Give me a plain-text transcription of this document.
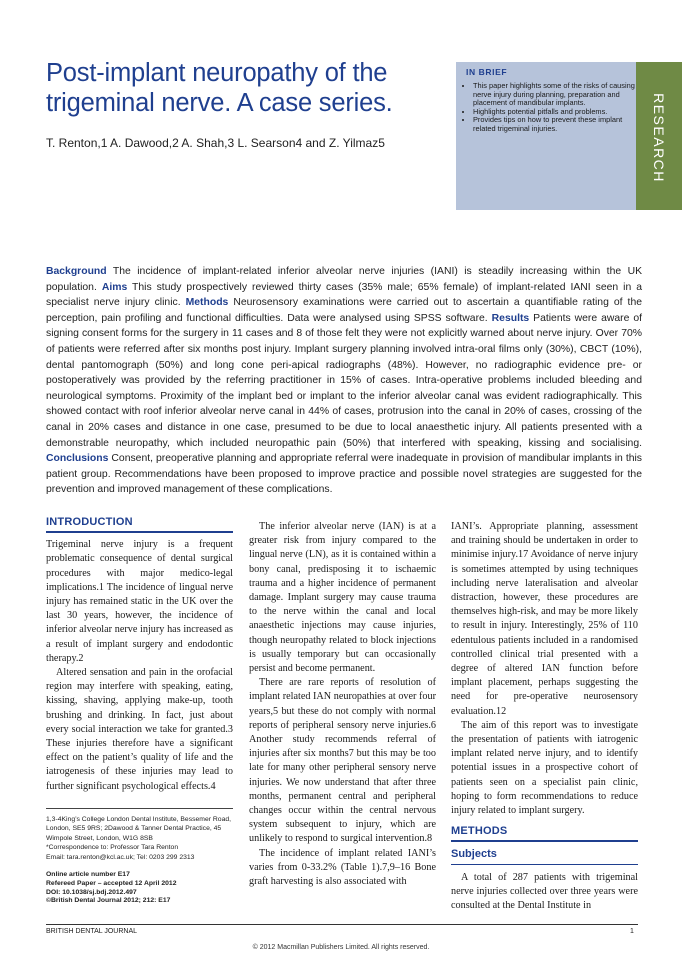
Post-implant neuropathy of the trigeminal nerve. A case series.
T. Renton,1 A. Dawood,2 A. Shah,3 L. Searson4 and Z. Yilmaz5
IN BRIEF
• This paper highlights some of the risks of causing nerve injury during planning, preparation and placement of mandibular implants.
• Highlights potential pitfalls and problems.
• Provides tips on how to prevent these implant related trigeminal injuries.	RESEARCH

Background The incidence of implant-related inferior alveolar nerve injuries (IANI) is steadily increasing within the UK population. Aims This study prospectively reviewed thirty cases (35% male; 65% female) of implant-related IANI seen in a specialist nerve injury clinic. Methods Neurosensory examinations were carried out to ascertain a quantifiable rating of the perception, pain profiling and functional difficulties. Data were analysed using SPSS software. Results Patients were aware of signing consent forms for the surgery in 11 cases and 8 of those felt they were not explicitly warned about nerve injury. Over 70% of patients were referred after six months post injury. Implant surgery planning involved intra-oral films only (30%), CBCT (10%), dental pantomograph (50%) and long cone peri-apical radiographs (48%). However, no radiographic evidence pre- or postoperatively was provided by the referring practitioner in 15% of cases. Intra-operative problems included bleeding and neurological symptoms. Proximity of the implant bed or implant to the inferior alveolar canal was evident radiographically. This showed contact with roof inferior alveolar nerve canal in 44% of cases, protrusion into the canal in 20% of cases, crossing of the canal in 20% cases and distance in one case, presumed to be due to local anaesthetic injury. All patients presented with a demonstrable neuropathy, which included neuropathic pain (50%) that interfered with speaking, kissing and socialising. Conclusions Consent, preoperative planning and appropriate referral were inadequate in provision of mandibular implants in this patient group. Recommendations have been proposed to improve practice and possible novel strategies are suggested for the prevention and improved management of these complications.

INTRODUCTION

Trigeminal nerve injury is a frequent problematic consequence of dental surgical procedures with major medico-legal implications.1 The incidence of lingual nerve injury has remained static in the UK over the last 30 years, however, the incidence of inferior alveolar nerve injury has increased as a result of implant surgery and endodontic therapy.2

Altered sensation and pain in the orofacial region may interfere with speaking, eating, kissing, shaving, applying make-up, tooth brushing and drinking. In fact, just about every social interaction we take for granted.3 These injuries therefore have a significant effect on the patient’s quality of life and the iatrogenesis of these injuries may lead to further significant psychological effects.4

The inferior alveolar nerve (IAN) is at a greater risk from injury compared to the lingual nerve (LN), as it is contained within a bony canal, predisposing it to ischaemic trauma and a higher incidence of permanent damage. Implant surgery may cause trauma to the nerve within the canal and local anaesthetic injections may cause injuries, though neuropathy related to block injections is usually temporary but can occasionally persist and become permanent.

There are rare reports of resolution of implant related IAN neuropathies at over four years,5 but these do not comply with normal reports of peripheral sensory nerve injuries.6 Another study recommends referral of injuries after six months7 but this may be too late for many other peripheral sensory nerve injuries. We now understand that after three months, permanent central and peripheral changes occur within the central nervous system subsequent to injury, which are unlikely to respond to surgical intervention.8

The incidence of implant related IANI’s varies from 0-33.2% (Table 1).7,9–16 Bone graft harvesting is also associated with

IANI’s. Appropriate planning, assessment and training should be undertaken in order to minimise injury.17 Avoidance of nerve injury is sometimes attempted by using techniques including nerve lateralisation and alveolar distraction, however, these procedures are themselves high-risk, and may be more likely to result in injury. Interestingly, 25% of 110 edentulous patients included in a randomised controlled clinical trial presented with a degree of altered IAN function before implant placement, perhaps suggesting the need for pre-operative neurosensory evaluation.12

The aim of this report was to investigate the presentation of patients with iatrogenic implant related nerve injury, and to identify potential issues in a prospective cohort of patients seen on a specialist pain clinic, hoping to form recommendations to reduce injury related to implant surgery.

METHODS
Subjects

A total of 287 patients with trigeminal nerve injuries collected over three years were consulted at the Dental Institute in

1,3-4King’s College London Dental Institute, Bessemer Road, London, SE5 9RS; 2Dawood & Tanner Dental Practice, 45 Wimpole Street, London, W1G 8SB
*Correspondence to: Professor Tara Renton
Email: tara.renton@kcl.ac.uk; Tel: 0203 299 2313
Online article number E17
Refereed Paper – accepted 12 April 2012
DOI: 10.1038/sj.bdj.2012.497
©British Dental Journal 2012; 212: E17
BRITISH DENTAL JOURNAL	1
© 2012 Macmillan Publishers Limited. All rights reserved.
